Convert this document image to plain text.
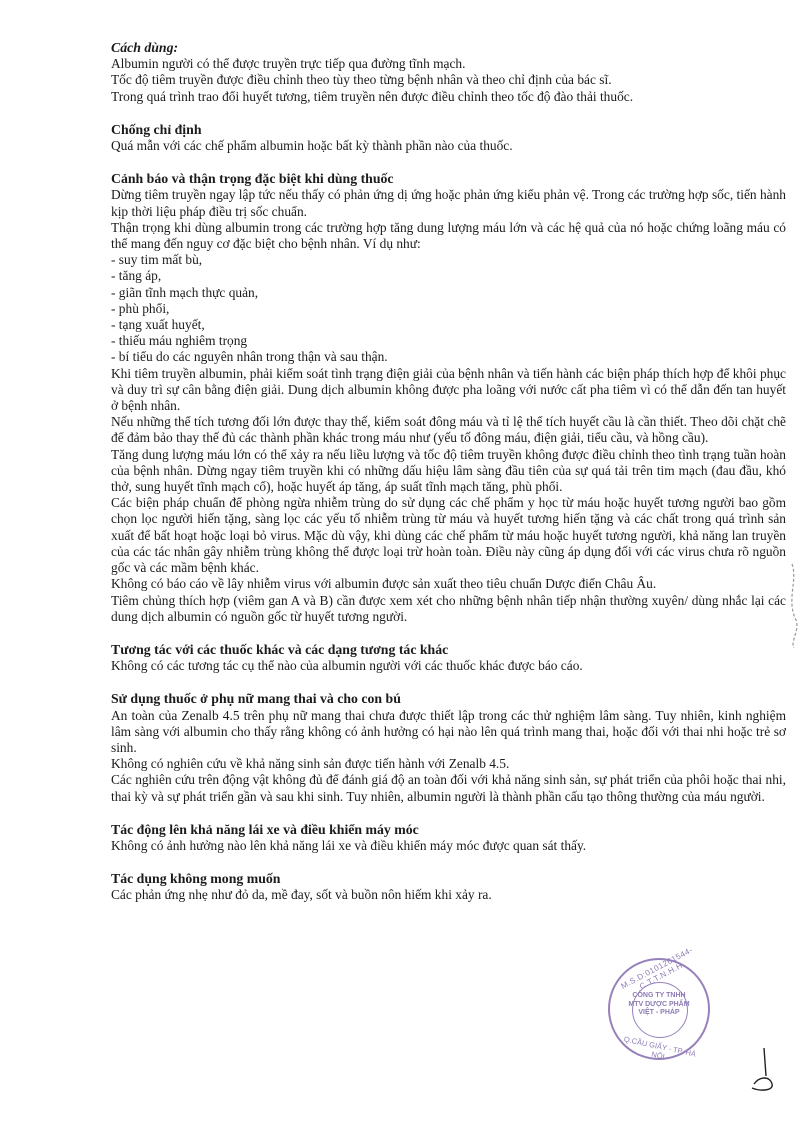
Cách dùng:

Albumin người có thể được truyền trực tiếp qua đường tĩnh mạch.

Tốc độ tiêm truyền được điều chỉnh theo tùy theo từng bệnh nhân và theo chỉ định của bác sĩ.

Trong quá trình trao đổi huyết tương, tiêm truyền nên được điều chỉnh theo tốc độ đào thải thuốc.

Chống chỉ định

Quá mẫn với các chế phẩm albumin hoặc bất kỳ thành phần nào của thuốc.

Cảnh báo và thận trọng đặc biệt khi dùng thuốc

Dừng tiêm truyền ngay lập tức nếu thấy có phản ứng dị ứng hoặc phản ứng kiểu phản vệ. Trong các trường hợp sốc, tiến hành kịp thời liệu pháp điều trị sốc chuẩn.

Thận trọng khi dùng albumin trong các trường hợp tăng dung lượng máu lớn và các hệ quả của nó hoặc chứng loãng máu có thể mang đến nguy cơ đặc biệt cho bệnh nhân. Ví dụ như:

- suy tim mất bù,
- tăng áp,
- giãn tĩnh mạch thực quản,
- phù phổi,
- tạng xuất huyết,
- thiếu máu nghiêm trọng
- bí tiểu do các nguyên nhân trong thận và sau thận.

Khi tiêm truyền albumin, phải kiểm soát tình trạng điện giải của bệnh nhân và tiến hành các biện pháp thích hợp để khôi phục và duy trì sự cân bằng điện giải. Dung dịch albumin không được pha loãng với nước cất pha tiêm vì có thể dẫn đến tan huyết ở bệnh nhân.

Nếu những thể tích tương đối lớn được thay thế, kiểm soát đông máu và tỉ lệ thể tích huyết cầu là cần thiết. Theo dõi chặt chẽ để đảm bảo thay thế đủ các thành phần khác trong máu như (yếu tố đông máu, điện giải, tiểu cầu, và hồng cầu).

Tăng dung lượng máu lớn có thể xảy ra nếu liều lượng và tốc độ tiêm truyền không được điều chỉnh theo tình trạng tuần hoàn của bệnh nhân. Dừng ngay tiêm truyền khi có những dấu hiệu lâm sàng đầu tiên của sự quá tải trên tim mạch (đau đầu, khó thở, sung huyết tĩnh mạch cổ), hoặc huyết áp tăng, áp suất tĩnh mạch tăng, phù phổi.

Các biện pháp chuẩn để phòng ngừa nhiễm trùng do sử dụng các chế phẩm y học từ máu hoặc huyết tương người bao gồm chọn lọc người hiến tặng, sàng lọc các yếu tố nhiễm trùng từ máu và huyết tương hiến tặng và các chất trong quá trình sản xuất để bất hoạt hoặc loại bỏ virus. Mặc dù vậy, khi dùng các chế phẩm từ máu hoặc huyết tương người, khả năng lan truyền của các tác nhân gây nhiễm trùng không thể được loại trừ hoàn toàn. Điều này cũng áp dụng đối với các virus chưa rõ nguồn gốc và các mầm bệnh khác.

Không có báo cáo về lây nhiễm virus với albumin được sản xuất theo tiêu chuẩn Dược điển Châu Âu.

Tiêm chủng thích hợp (viêm gan A và B) cần được xem xét cho những bệnh nhân tiếp nhận thường xuyên/ dùng nhắc lại các dung dịch albumin có nguồn gốc từ huyết tương người.

Tương tác với các thuốc khác và các dạng tương tác khác

Không có các tương tác cụ thể nào của albumin người với các thuốc khác được báo cáo.

Sử dụng thuốc ở phụ nữ mang thai và cho con bú

An toàn của Zenalb 4.5 trên phụ nữ mang thai chưa được thiết lập trong các thử nghiệm lâm sàng. Tuy nhiên, kinh nghiệm lâm sàng với albumin cho thấy rằng không có ảnh hưởng có hại nào lên quá trình mang thai, hoặc đối với thai nhi hoặc trẻ sơ sinh.

Không có nghiên cứu về khả năng sinh sản được tiến hành với Zenalb 4.5.

Các nghiên cứu trên động vật không đủ để đánh giá độ an toàn đối với khả năng sinh sản, sự phát triển của phôi hoặc thai nhi, thai kỳ và sự phát triển gần và sau khi sinh. Tuy nhiên, albumin người là thành phần cấu tạo thông thường của máu người.

Tác động lên khả năng lái xe và điều khiển máy móc

Không có ảnh hưởng nào lên khả năng lái xe và điều khiển máy móc được quan sát thấy.

Tác dụng không mong muốn

Các phản ứng nhẹ như đỏ da, mề đay, sốt và buồn nôn hiếm khi xảy ra.

M.S.D:0101261544-C.T.T.N.H.H
CÔNG TY TNHH MTV DƯỢC PHẨM VIỆT - PHÁP
Q.CẦU GIẤY - TP. HÀ NỘI
